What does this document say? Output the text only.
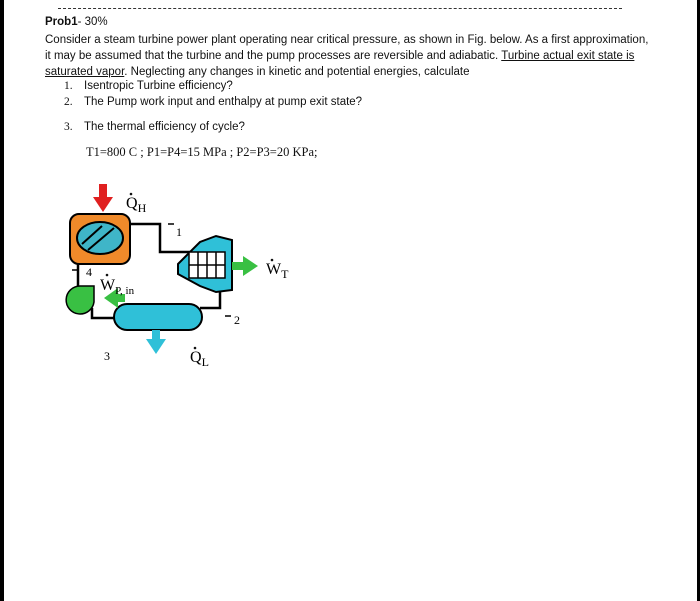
Prob1- 30%
Consider a steam turbine power plant operating near critical pressure, as shown in Fig. below. As a first approximation,
it may be assumed that the turbine and the pump processes are reversible and adiabatic. Turbine actual exit state is
saturated vapor. Neglecting any changes in kinetic and potential energies, calculate
1. Isentropic Turbine efficiency?
2. The Pump work input and enthalpy at pump exit state?
3. The thermal efficiency of cycle?
T1=800 C ; P1=P4=15 MPa ; P2=P3=20 KPa;
$Q_H$
1
$W_T$
2
$Q_L$
3
4
$W_{P, in}$
